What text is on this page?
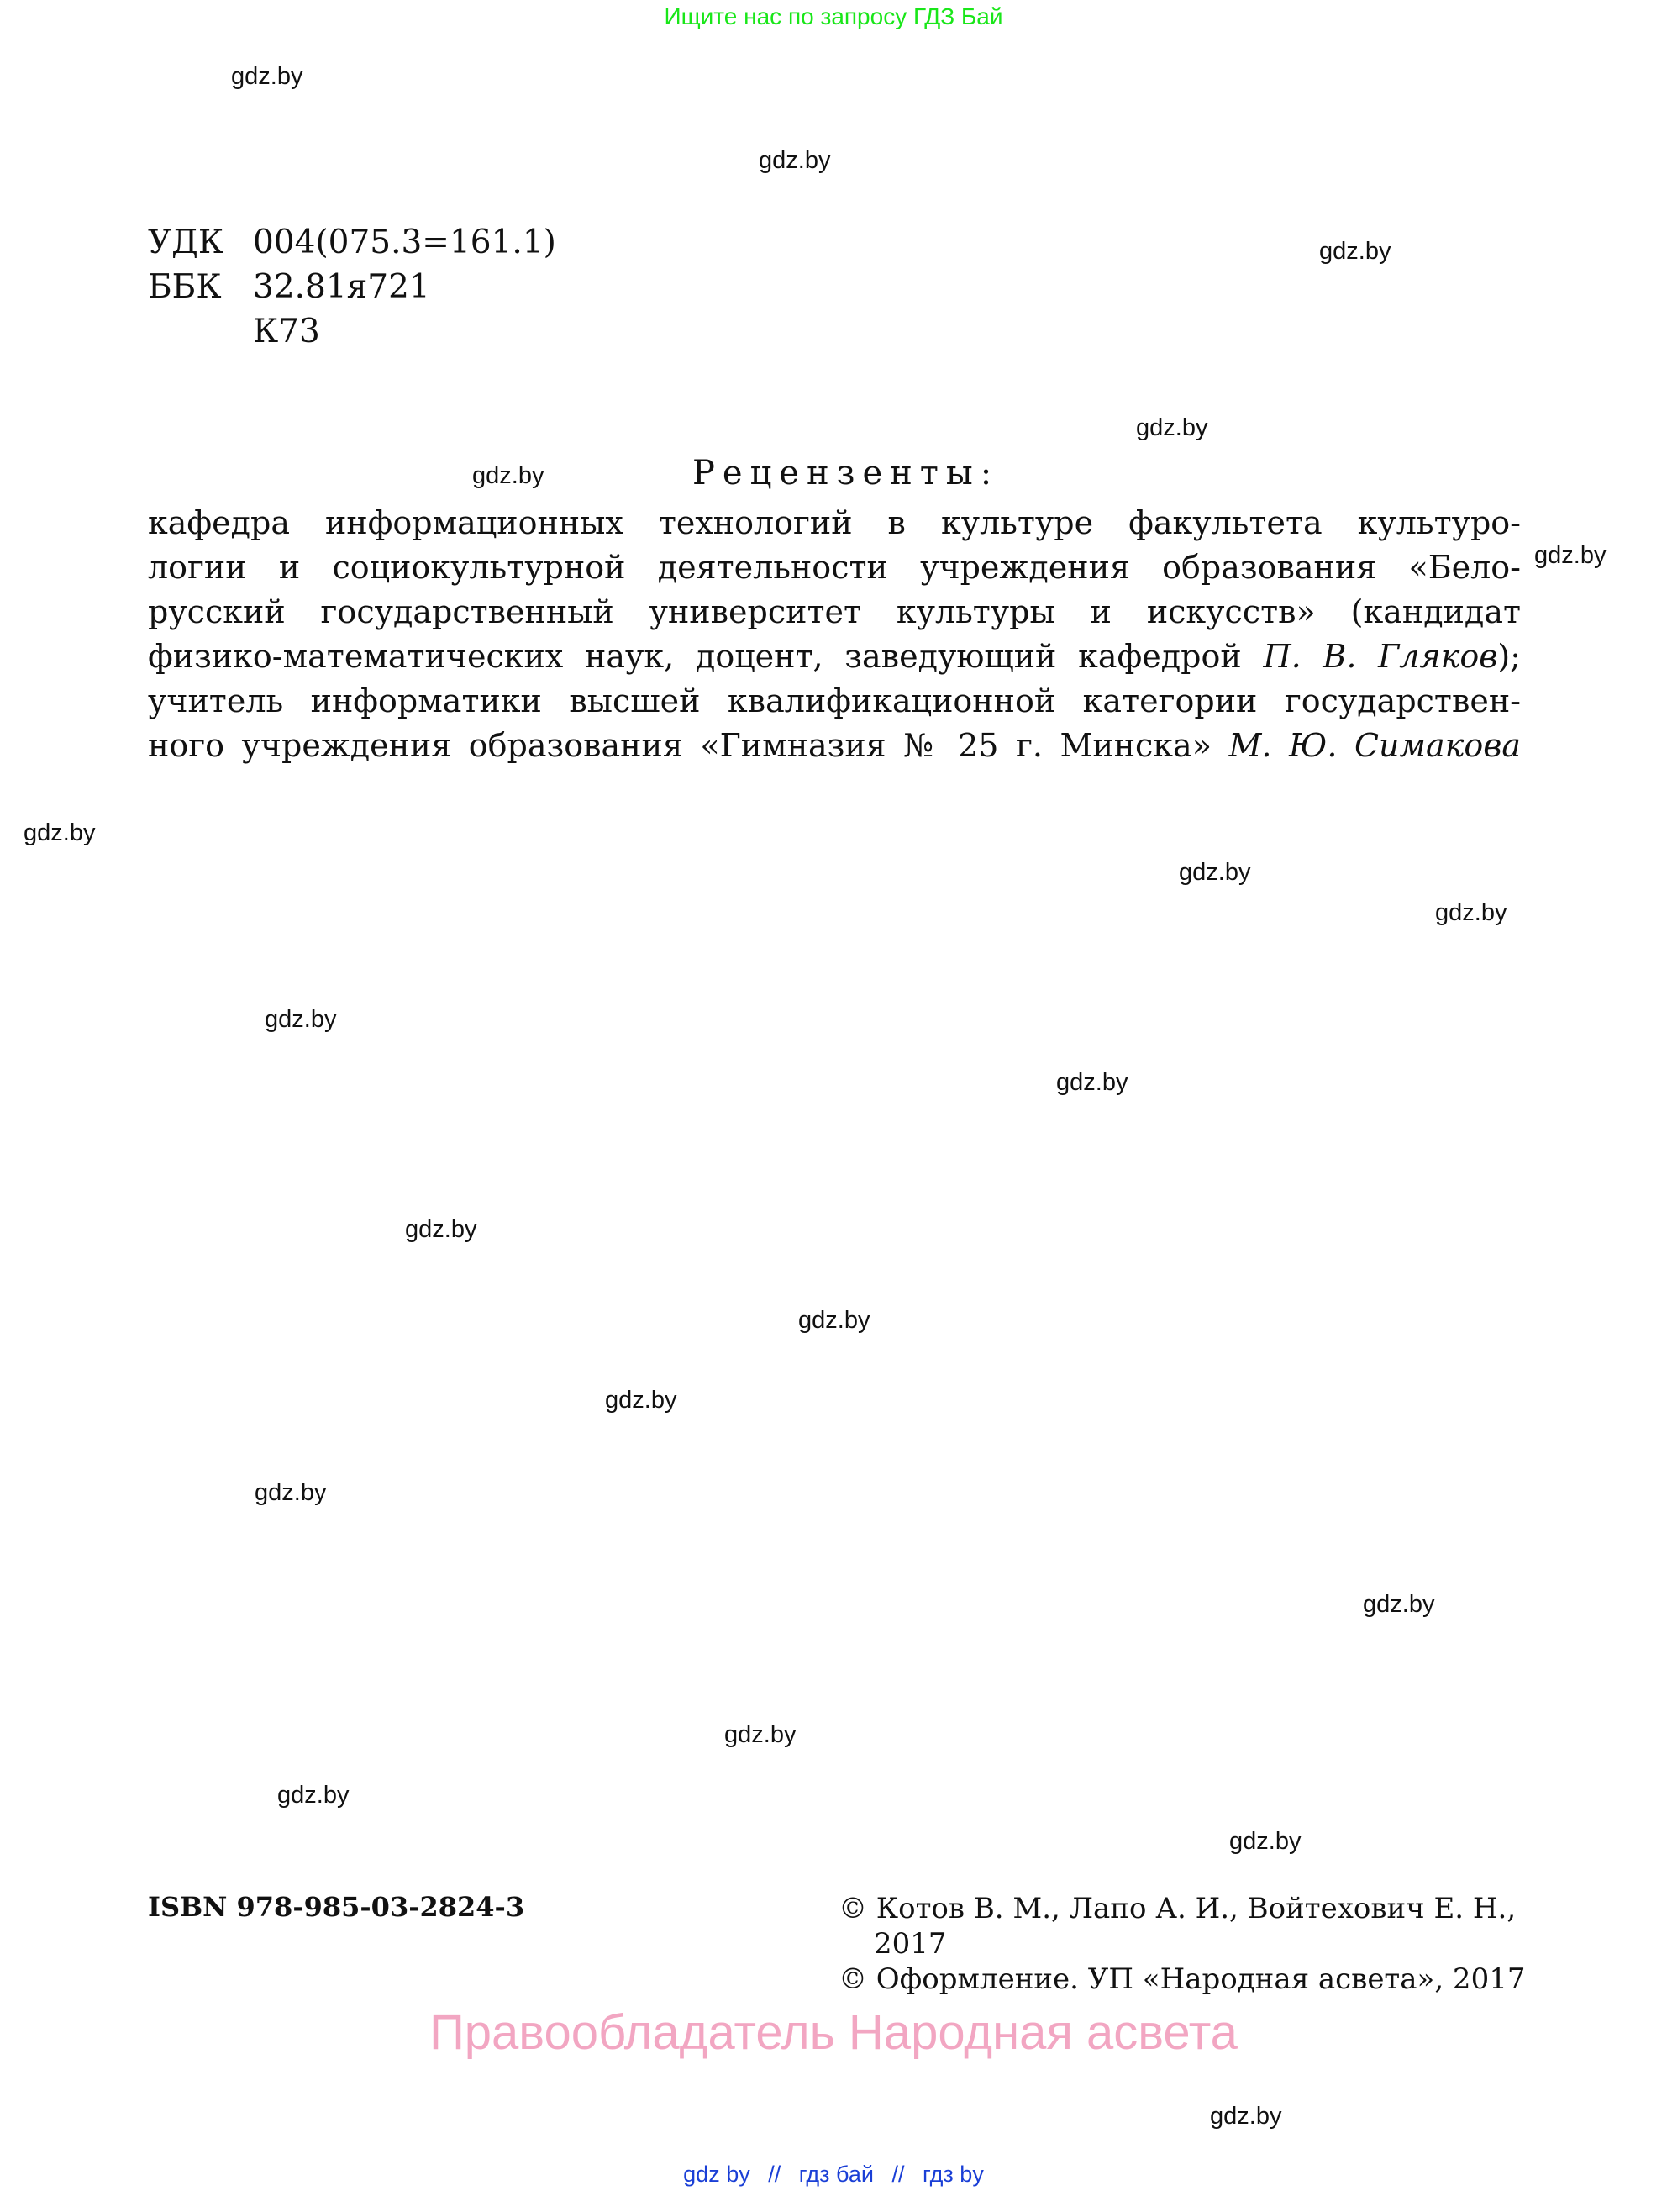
Ищите нас по запросу ГДЗ Бай
gdz.by
gdz.by
gdz.by
gdz.by
gdz.by
gdz.by
gdz.by
gdz.by
gdz.by
gdz.by
gdz.by
gdz.by
gdz.by
gdz.by
gdz.by
gdz.by
gdz.by
gdz.by
gdz.by
gdz.by
УДК 004(075.3=161.1)
ББК 32.81я721
К73
Рецензенты:
кафедра информационных технологий в культуре факультета культуро-
логии и социокультурной деятельности учреждения образования «Бело-
русский государственный университет культуры и искусств» (кандидат
физико-математических наук, доцент, заведующий кафедрой П. В. Гляков);
учитель информатики высшей квалификационной категории государствен-
ного учреждения образования «Гимназия № 25 г. Минска» М. Ю. Симакова
ISBN 978-985-03-2824-3	© Котов В. М., Лапо А. И., Войтехович Е. Н.,
2017
© Оформление. УП «Народная асвета», 2017
Правообладатель Народная асвета
gdz by // гдз бай // гдз by
